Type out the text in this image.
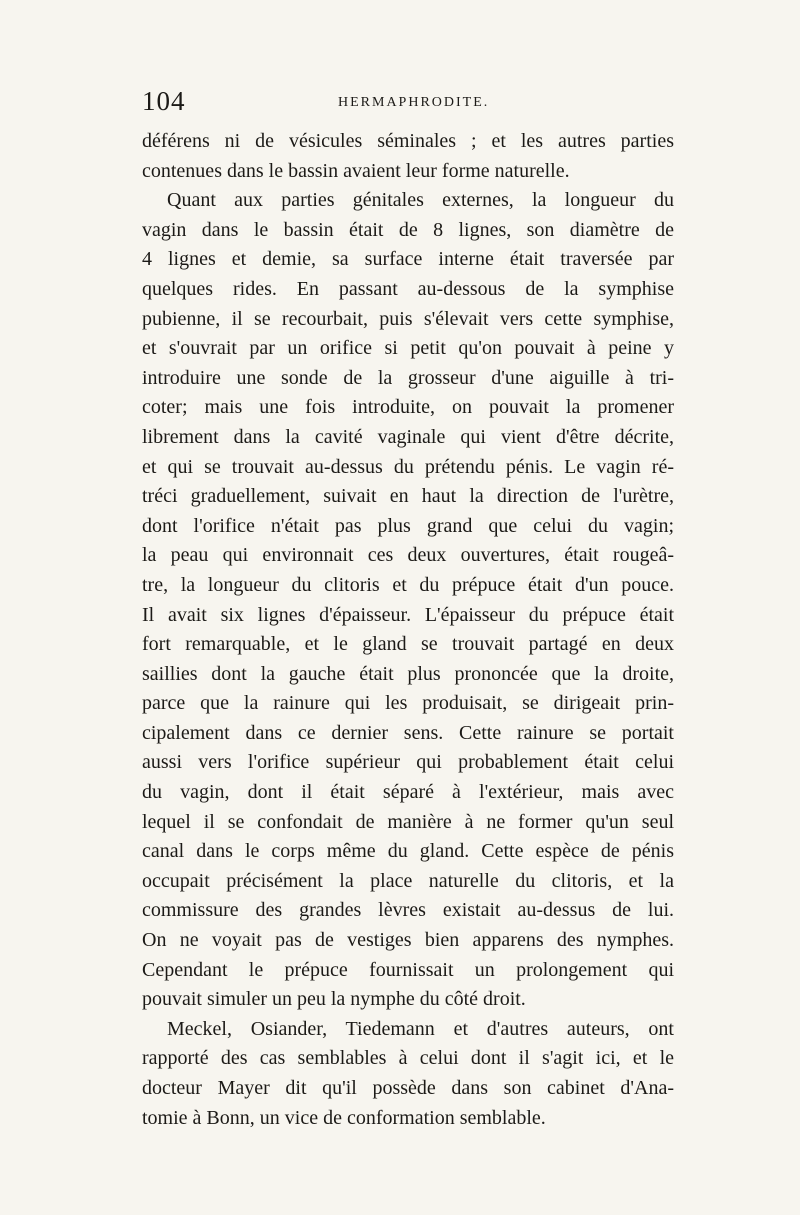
104	HERMAPHRODITE.
déférens ni de vésicules séminales ; et les autres parties
contenues dans le bassin avaient leur forme naturelle.
Quant aux parties génitales externes, la longueur du
vagin dans le bassin était de 8 lignes, son diamètre de
4 lignes et demie, sa surface interne était traversée par
quelques rides. En passant au-dessous de la symphise
pubienne, il se recourbait, puis s'élevait vers cette symphise,
et s'ouvrait par un orifice si petit qu'on pouvait à peine y
introduire une sonde de la grosseur d'une aiguille à tri-
coter; mais une fois introduite, on pouvait la promener
librement dans la cavité vaginale qui vient d'être décrite,
et qui se trouvait au-dessus du prétendu pénis. Le vagin ré-
tréci graduellement, suivait en haut la direction de l'urètre,
dont l'orifice n'était pas plus grand que celui du vagin;
la peau qui environnait ces deux ouvertures, était rougeâ-
tre, la longueur du clitoris et du prépuce était d'un pouce.
Il avait six lignes d'épaisseur. L'épaisseur du prépuce était
fort remarquable, et le gland se trouvait partagé en deux
saillies dont la gauche était plus prononcée que la droite,
parce que la rainure qui les produisait, se dirigeait prin-
cipalement dans ce dernier sens. Cette rainure se portait
aussi vers l'orifice supérieur qui probablement était celui
du vagin, dont il était séparé à l'extérieur, mais avec
lequel il se confondait de manière à ne former qu'un seul
canal dans le corps même du gland. Cette espèce de pénis
occupait précisément la place naturelle du clitoris, et la
commissure des grandes lèvres existait au-dessus de lui.
On ne voyait pas de vestiges bien apparens des nymphes.
Cependant le prépuce fournissait un prolongement qui
pouvait simuler un peu la nymphe du côté droit.
Meckel, Osiander, Tiedemann et d'autres auteurs, ont
rapporté des cas semblables à celui dont il s'agit ici, et le
docteur Mayer dit qu'il possède dans son cabinet d'Ana-
tomie à Bonn, un vice de conformation semblable.
